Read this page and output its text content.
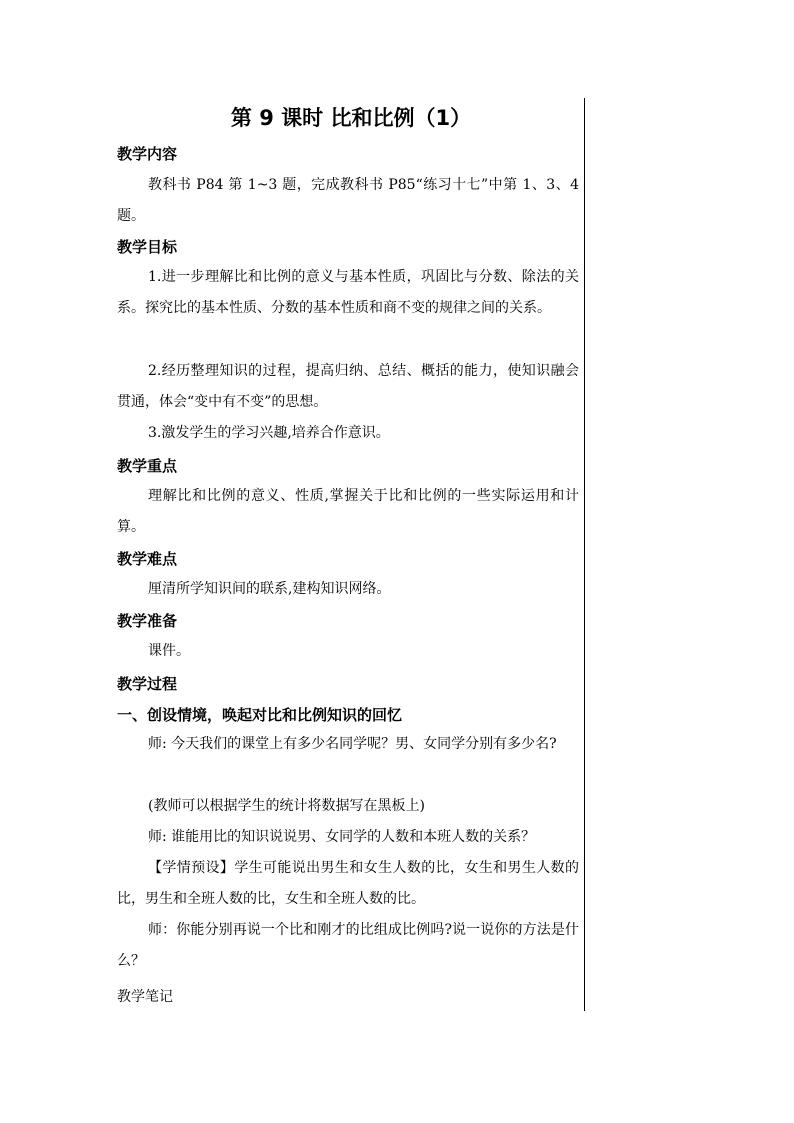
第 9 课时 比和比例（1）
教学内容

教科书 P84 第 1~3 题，完成教科书 P85“练习十七”中第 1、3、4 题。

教学目标

1.进一步理解比和比例的意义与基本性质，巩固比与分数、除法的关系。探究比的基本性质、分数的基本性质和商不变的规律之间的关系。

2.经历整理知识的过程，提高归纳、总结、概括的能力，使知识融会贯通，体会“变中有不变”的思想。

3.激发学生的学习兴趣,培养合作意识。

教学重点

理解比和比例的意义、性质,掌握关于比和比例的一些实际运用和计算。

教学难点

厘清所学知识间的联系,建构知识网络。

教学准备

课件。

教学过程
一、创设情境，唤起对比和比例知识的回忆

师: 今天我们的课堂上有多少名同学呢？男、女同学分别有多少名?

(教师可以根据学生的统计将数据写在黑板上)

师: 谁能用比的知识说说男、女同学的人数和本班人数的关系？

【学情预设】学生可能说出男生和女生人数的比，女生和男生人数的比，男生和全班人数的比，女生和全班人数的比。

师：你能分别再说一个比和刚才的比组成比例吗?说一说你的方法是什么？

教学笔记
